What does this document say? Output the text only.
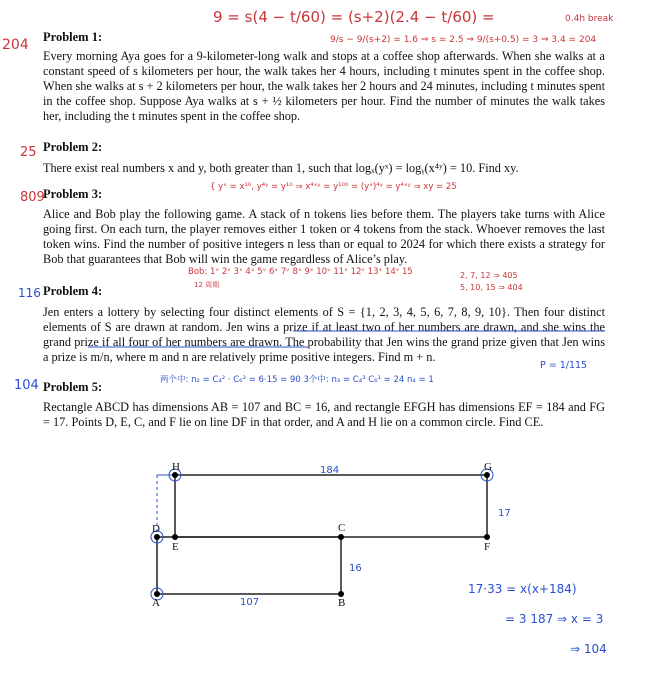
9 = s(4 − t/60) = (s+2)(2.4 − t/60) =	0.4h break
9/s − 9/(s+2) = 1.6 ⇒ s = 2.5 ⇒ 9/(s+0.5) = 3 ⇒ 3.4 = 204
204 Problem 1:
Every morning Aya goes for a 9-kilometer-long walk and stops at a coffee shop afterwards. When she walks at a constant speed of s kilometers per hour, the walk takes her 4 hours, including t minutes spent in the coffee shop. When she walks at s + 2 kilometers per hour, the walk takes her 2 hours and 24 minutes, including t minutes spent in the coffee shop. Suppose Aya walks at s + ½ kilometers per hour. Find the number of minutes the walk takes her, including the t minutes spent in the coffee shop.
25 Problem 2:
There exist real numbers x and y, both greater than 1, such that logₓ(yˣ) = logᵧ(x⁴ʸ) = 10. Find xy.
809
{ yˣ = x¹⁰, y⁴ʸ = y¹⁰ ⇒ x⁴ˣʸ = y¹⁰⁰ = (yˣ)⁴ʸ = y⁴ˣʸ ⇒ xy = 25
Problem 3:
Alice and Bob play the following game. A stack of n tokens lies before them. The players take turns with Alice going first. On each turn, the player removes either 1 token or 4 tokens from the stack. Whoever removes the last token wins. Find the number of positive integers n less than or equal to 2024 for which there exists a strategy for Bob that guarantees that Bob will win the game regardless of Alice’s play.
Bob: 1ˣ 2ᵛ 3ˣ 4ˣ 5ᵛ 6ˣ 7ᵛ 8ˣ 9ˣ 10ᵛ 11ˣ 12ᵛ 13ˣ 14ᵛ 15
12 周期
2, 7, 12 ⇒ 405
5, 10, 15 ⇒ 404
116 Problem 4:
Jen enters a lottery by selecting four distinct elements of S = {1, 2, 3, 4, 5, 6, 7, 8, 9, 10}. Then four distinct elements of S are drawn at random. Jen wins a prize if at least two of her numbers are drawn, and she wins the grand prize if all four of her numbers are drawn. The probability that Jen wins the grand prize given that Jen wins a prize is m/n, where m and n are relatively prime positive integers. Find m + n.
两个中: n₂ = C₄² · C₆² = 6·15 = 90 3个中: n₃ = C₄³ C₆¹ = 24 n₄ = 1
P = 1/115
104 Problem 5:
Rectangle ABCD has dimensions AB = 107 and BC = 16, and rectangle EFGH has dimensions EF = 184 and FG = 17. Points D, E, C, and F lie on line DF in that order, and A and H lie on a common circle. Find CE.
H	G
D
E
C
F
A	B
184
17
16
107
17·33 = x(x+184)
= 3 187 ⇒ x = 3
⇒ 104
